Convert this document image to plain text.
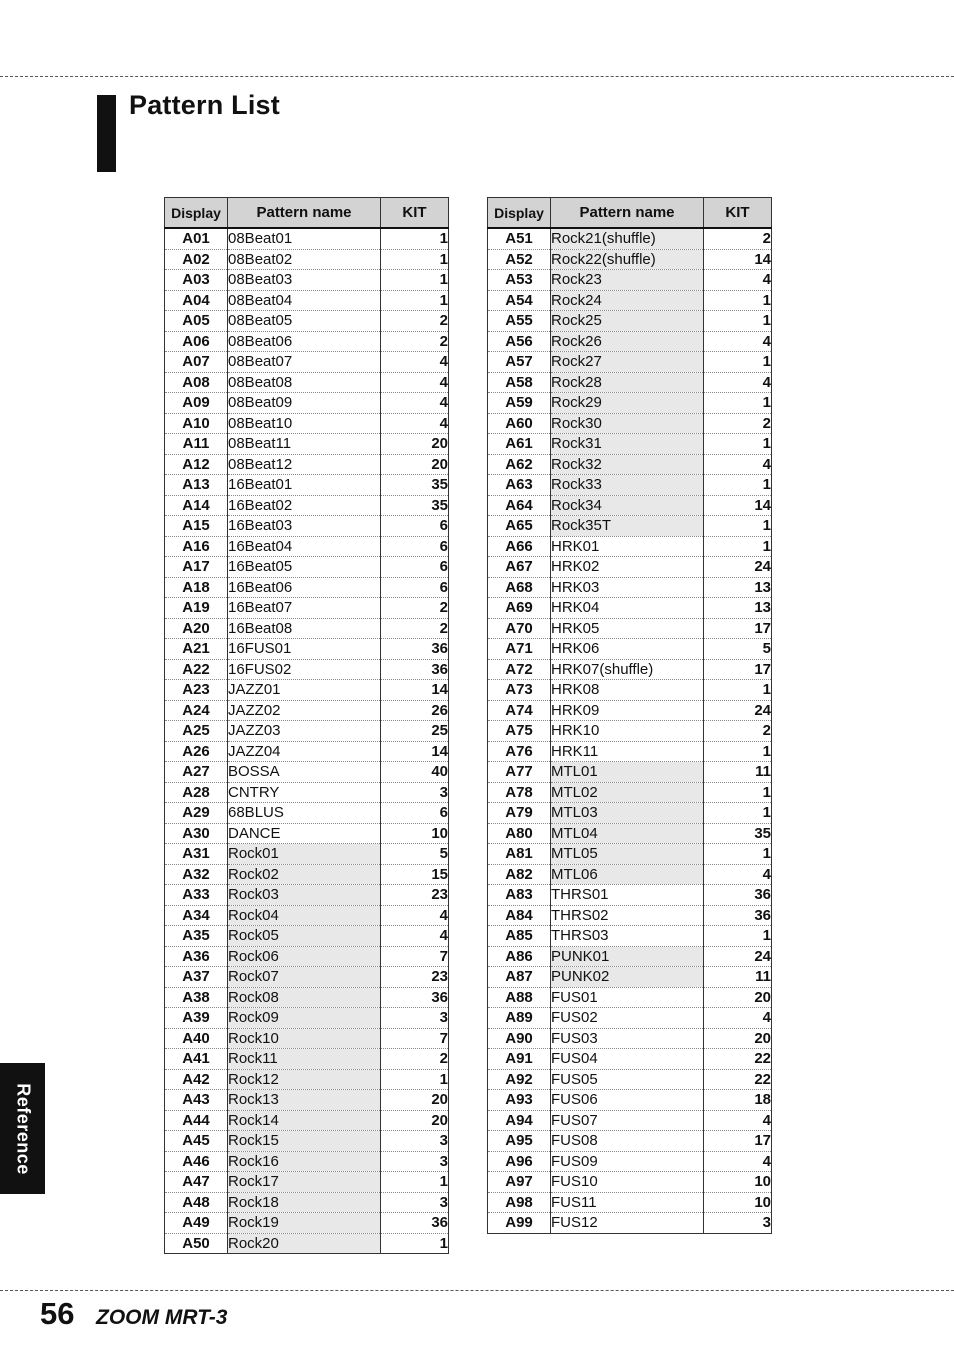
Pattern List
Display	Pattern name	KIT
A01	08Beat01	1
A02	08Beat02	1
A03	08Beat03	1
A04	08Beat04	1
A05	08Beat05	2
A06	08Beat06	2
A07	08Beat07	4
A08	08Beat08	4
A09	08Beat09	4
A10	08Beat10	4
A11	08Beat11	20
A12	08Beat12	20
A13	16Beat01	35
A14	16Beat02	35
A15	16Beat03	6
A16	16Beat04	6
A17	16Beat05	6
A18	16Beat06	6
A19	16Beat07	2
A20	16Beat08	2
A21	16FUS01	36
A22	16FUS02	36
A23	JAZZ01	14
A24	JAZZ02	26
A25	JAZZ03	25
A26	JAZZ04	14
A27	BOSSA	40
A28	CNTRY	3
A29	68BLUS	6
A30	DANCE	10
A31	Rock01	5
A32	Rock02	15
A33	Rock03	23
A34	Rock04	4
A35	Rock05	4
A36	Rock06	7
A37	Rock07	23
A38	Rock08	36
A39	Rock09	3
A40	Rock10	7
A41	Rock11	2
A42	Rock12	1
A43	Rock13	20
A44	Rock14	20
A45	Rock15	3
A46	Rock16	3
A47	Rock17	1
A48	Rock18	3
A49	Rock19	36
A50	Rock20	1
Display	Pattern name	KIT
A51	Rock21(shuffle)	2
A52	Rock22(shuffle)	14
A53	Rock23	4
A54	Rock24	1
A55	Rock25	1
A56	Rock26	4
A57	Rock27	1
A58	Rock28	4
A59	Rock29	1
A60	Rock30	2
A61	Rock31	1
A62	Rock32	4
A63	Rock33	1
A64	Rock34	14
A65	Rock35T	1
A66	HRK01	1
A67	HRK02	24
A68	HRK03	13
A69	HRK04	13
A70	HRK05	17
A71	HRK06	5
A72	HRK07(shuffle)	17
A73	HRK08	1
A74	HRK09	24
A75	HRK10	2
A76	HRK11	1
A77	MTL01	11
A78	MTL02	1
A79	MTL03	1
A80	MTL04	35
A81	MTL05	1
A82	MTL06	4
A83	THRS01	36
A84	THRS02	36
A85	THRS03	1
A86	PUNK01	24
A87	PUNK02	11
A88	FUS01	20
A89	FUS02	4
A90	FUS03	20
A91	FUS04	22
A92	FUS05	22
A93	FUS06	18
A94	FUS07	4
A95	FUS08	17
A96	FUS09	4
A97	FUS10	10
A98	FUS11	10
A99	FUS12	3
Reference
56 ZOOM MRT-3
